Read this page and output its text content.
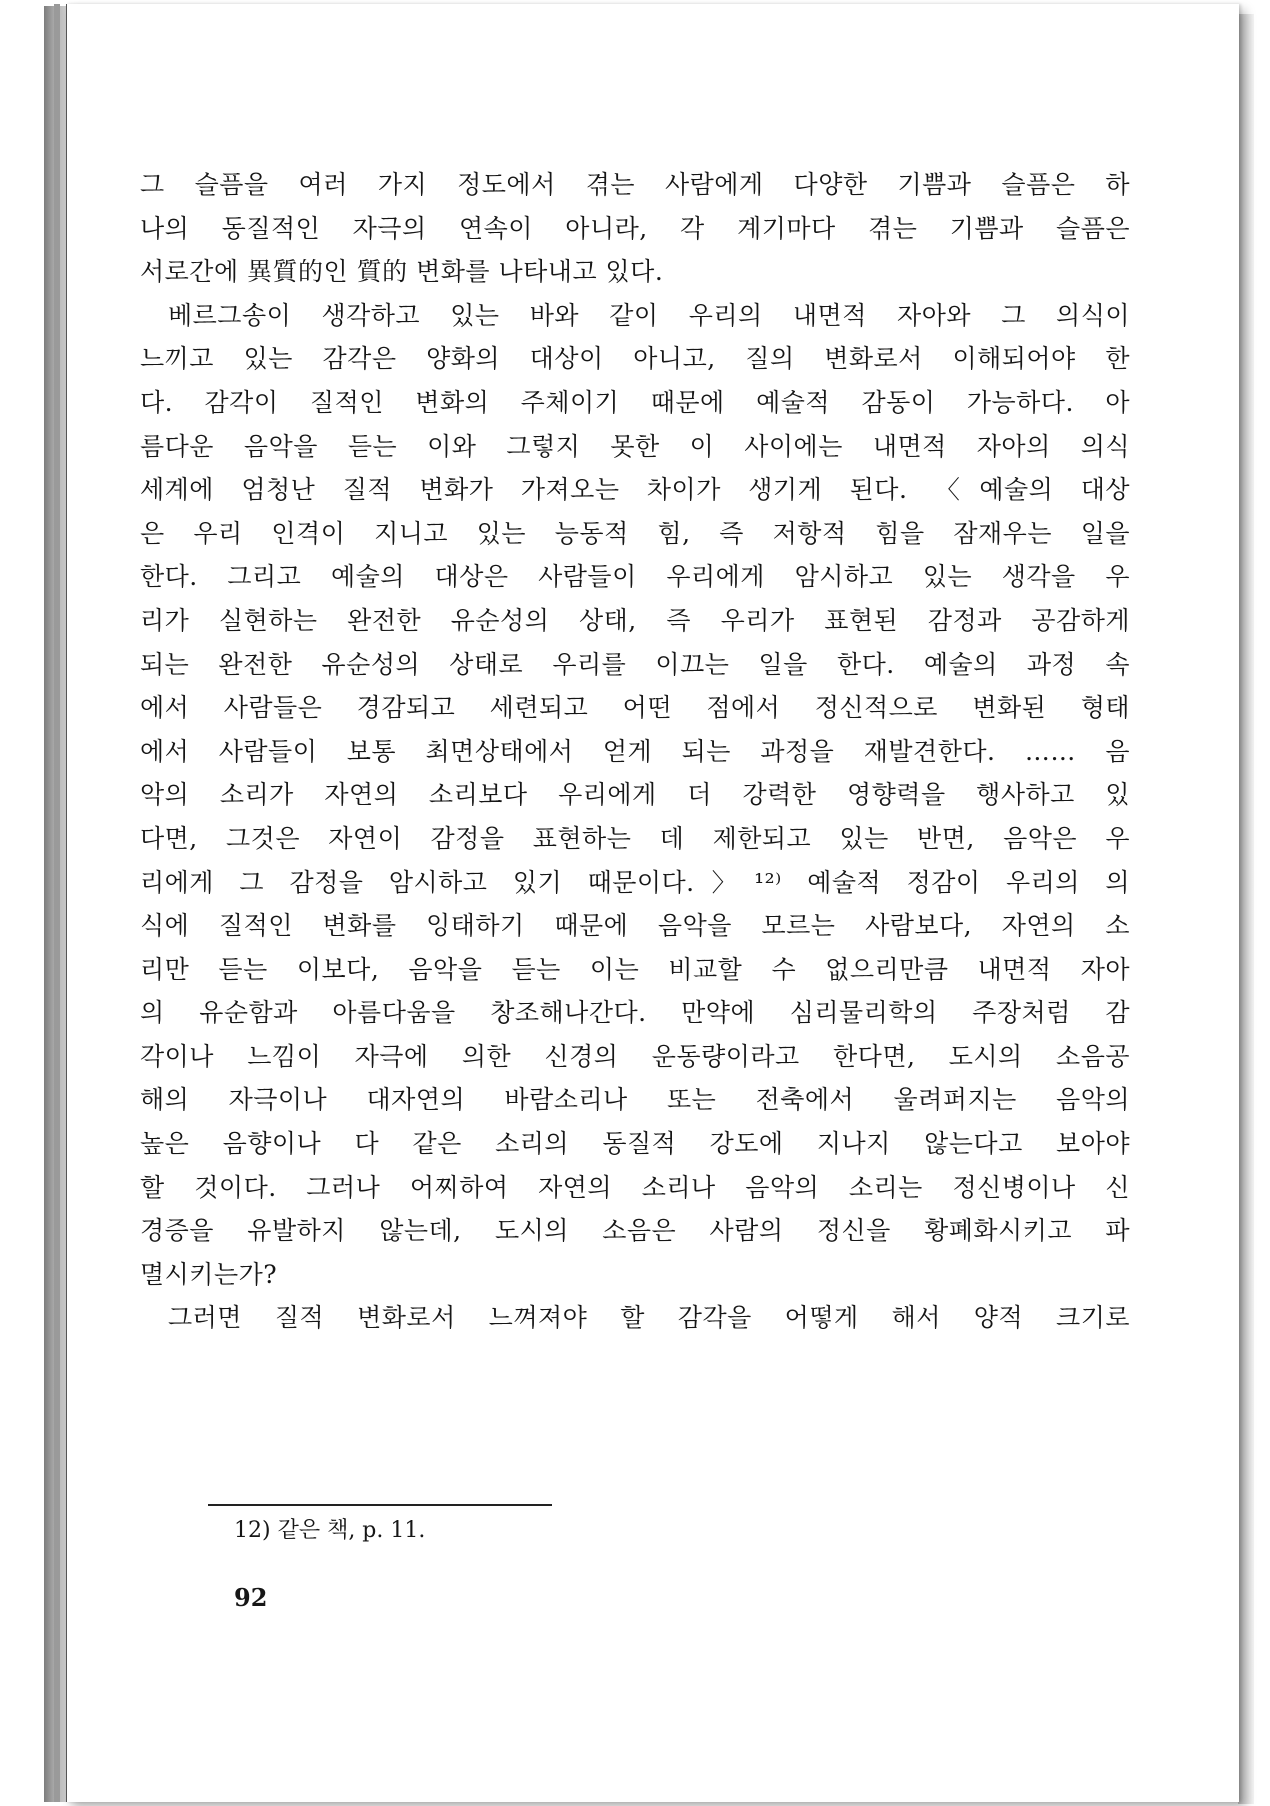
그 슬픔을 여러 가지 정도에서 겪는 사람에게 다양한 기쁨과 슬픔은 하
나의 동질적인 자극의 연속이 아니라, 각 계기마다 겪는 기쁨과 슬픔은
서로간에 異質的인 質的 변화를 나타내고 있다.
베르그송이 생각하고 있는 바와 같이 우리의 내면적 자아와 그 의식이
느끼고 있는 감각은 양화의 대상이 아니고, 질의 변화로서 이해되어야 한
다. 감각이 질적인 변화의 주체이기 때문에 예술적 감동이 가능하다. 아
름다운 음악을 듣는 이와 그렇지 못한 이 사이에는 내면적 자아의 의식
세계에 엄청난 질적 변화가 가져오는 차이가 생기게 된다. 〈예술의 대상
은 우리 인격이 지니고 있는 능동적 힘, 즉 저항적 힘을 잠재우는 일을
한다. 그리고 예술의 대상은 사람들이 우리에게 암시하고 있는 생각을 우
리가 실현하는 완전한 유순성의 상태, 즉 우리가 표현된 감정과 공감하게
되는 완전한 유순성의 상태로 우리를 이끄는 일을 한다. 예술의 과정 속
에서 사람들은 경감되고 세련되고 어떤 점에서 정신적으로 변화된 형태
에서 사람들이 보통 최면상태에서 얻게 되는 과정을 재발견한다. …… 음
악의 소리가 자연의 소리보다 우리에게 더 강력한 영향력을 행사하고 있
다면, 그것은 자연이 감정을 표현하는 데 제한되고 있는 반면, 음악은 우
리에게 그 감정을 암시하고 있기 때문이다.〉¹²⁾ 예술적 정감이 우리의 의
식에 질적인 변화를 잉태하기 때문에 음악을 모르는 사람보다, 자연의 소
리만 듣는 이보다, 음악을 듣는 이는 비교할 수 없으리만큼 내면적 자아
의 유순함과 아름다움을 창조해나간다. 만약에 심리물리학의 주장처럼 감
각이나 느낌이 자극에 의한 신경의 운동량이라고 한다면, 도시의 소음공
해의 자극이나 대자연의 바람소리나 또는 전축에서 울려퍼지는 음악의
높은 음향이나 다 같은 소리의 동질적 강도에 지나지 않는다고 보아야
할 것이다. 그러나 어찌하여 자연의 소리나 음악의 소리는 정신병이나 신
경증을 유발하지 않는데, 도시의 소음은 사람의 정신을 황폐화시키고 파
멸시키는가?
그러면 질적 변화로서 느껴져야 할 감각을 어떻게 해서 양적 크기로
12) 같은 책, p. 11.
92
